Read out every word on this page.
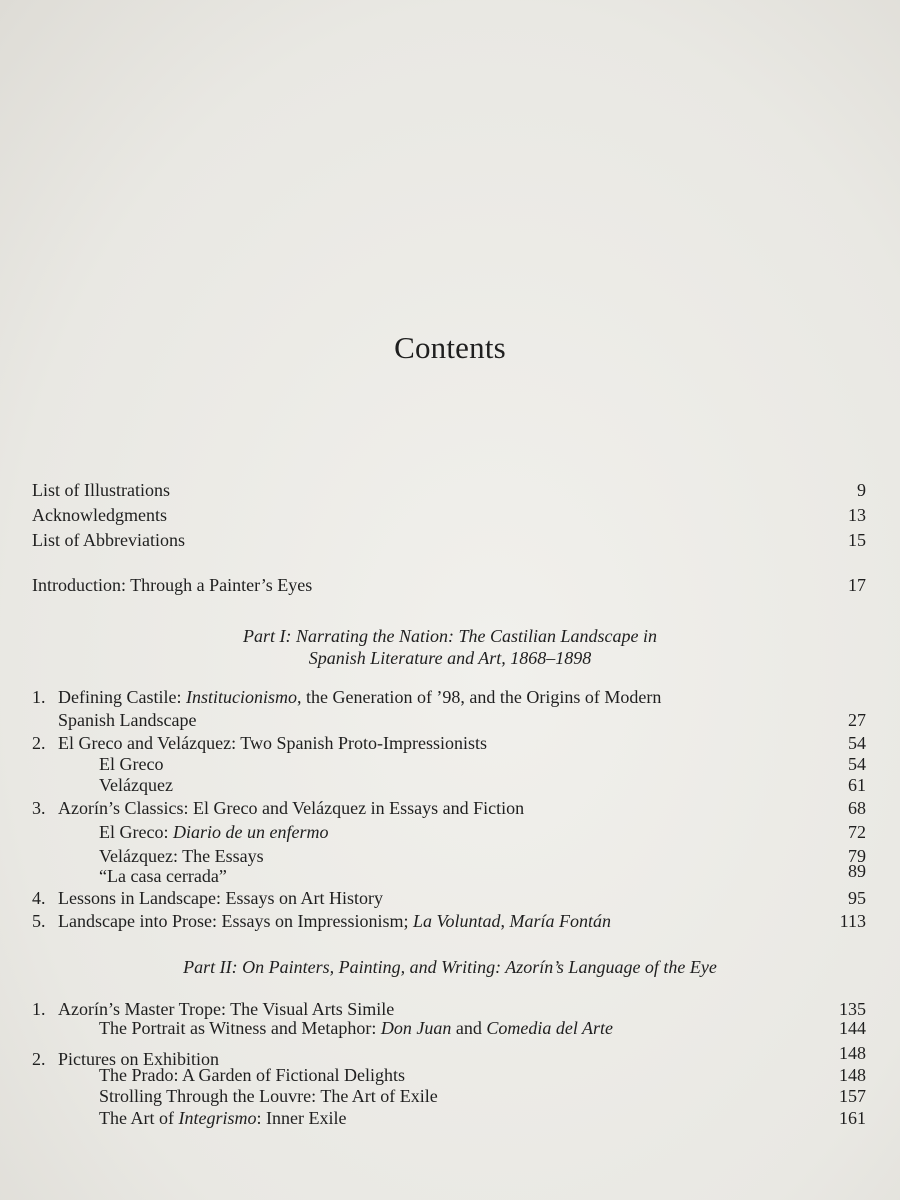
Contents
List of Illustrations	9
Acknowledgments	13
List of Abbreviations	15
Introduction: Through a Painter’s Eyes	17
Part I: Narrating the Nation: The Castilian Landscape in
Spanish Literature and Art, 1868–1898
1. Defining Castile: Institucionismo, the Generation of ’98, and the Origins of Modern
Spanish Landscape	27
2. El Greco and Velázquez: Two Spanish Proto-Impressionists	54
El Greco	54
Velázquez	61
3. Azorín’s Classics: El Greco and Velázquez in Essays and Fiction	68
El Greco: Diario de un enfermo	72
Velázquez: The Essays	79
“La casa cerrada”	89
4. Lessons in Landscape: Essays on Art History	95
5. Landscape into Prose: Essays on Impressionism; La Voluntad, María Fontán	113
Part II: On Painters, Painting, and Writing: Azorín’s Language of the Eye
1. Azorín’s Master Trope: The Visual Arts Simile	135
The Portrait as Witness and Metaphor: Don Juan and Comedia del Arte	144
2. Pictures on Exhibition	148
The Prado: A Garden of Fictional Delights	148
Strolling Through the Louvre: The Art of Exile	157
The Art of Integrismo: Inner Exile	161
